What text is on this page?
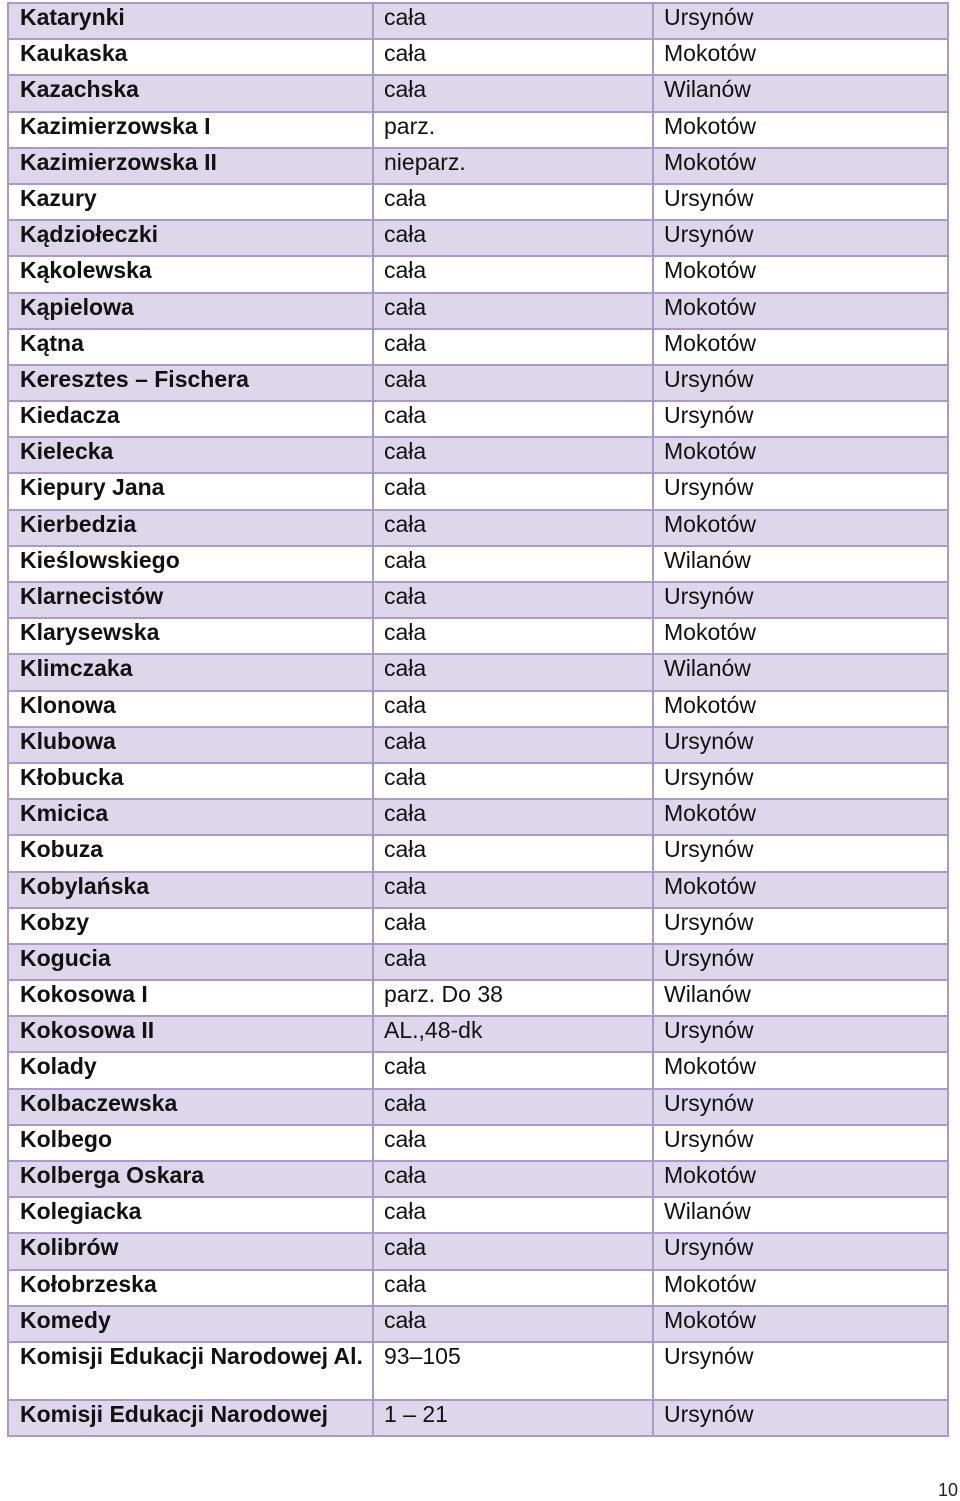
Katarynki	cała	Ursynów
Kaukaska	cała	Mokotów
Kazachska	cała	Wilanów
Kazimierzowska I	parz.	Mokotów
Kazimierzowska II	nieparz.	Mokotów
Kazury	cała	Ursynów
Kądziołeczki	cała	Ursynów
Kąkolewska	cała	Mokotów
Kąpielowa	cała	Mokotów
Kątna	cała	Mokotów
Keresztes – Fischera	cała	Ursynów
Kiedacza	cała	Ursynów
Kielecka	cała	Mokotów
Kiepury Jana	cała	Ursynów
Kierbedzia	cała	Mokotów
Kieślowskiego	cała	Wilanów
Klarnecistów	cała	Ursynów
Klarysewska	cała	Mokotów
Klimczaka	cała	Wilanów
Klonowa	cała	Mokotów
Klubowa	cała	Ursynów
Kłobucka	cała	Ursynów
Kmicica	cała	Mokotów
Kobuza	cała	Ursynów
Kobylańska	cała	Mokotów
Kobzy	cała	Ursynów
Kogucia	cała	Ursynów
Kokosowa I	parz. Do 38	Wilanów
Kokosowa II	AL.,48-dk	Ursynów
Kolady	cała	Mokotów
Kolbaczewska	cała	Ursynów
Kolbego	cała	Ursynów
Kolberga Oskara	cała	Mokotów
Kolegiacka	cała	Wilanów
Kolibrów	cała	Ursynów
Kołobrzeska	cała	Mokotów
Komedy	cała	Mokotów
Komisji Edukacji Narodowej Al.	93–105	Ursynów
Komisji Edukacji Narodowej	1 – 21	Ursynów
10
